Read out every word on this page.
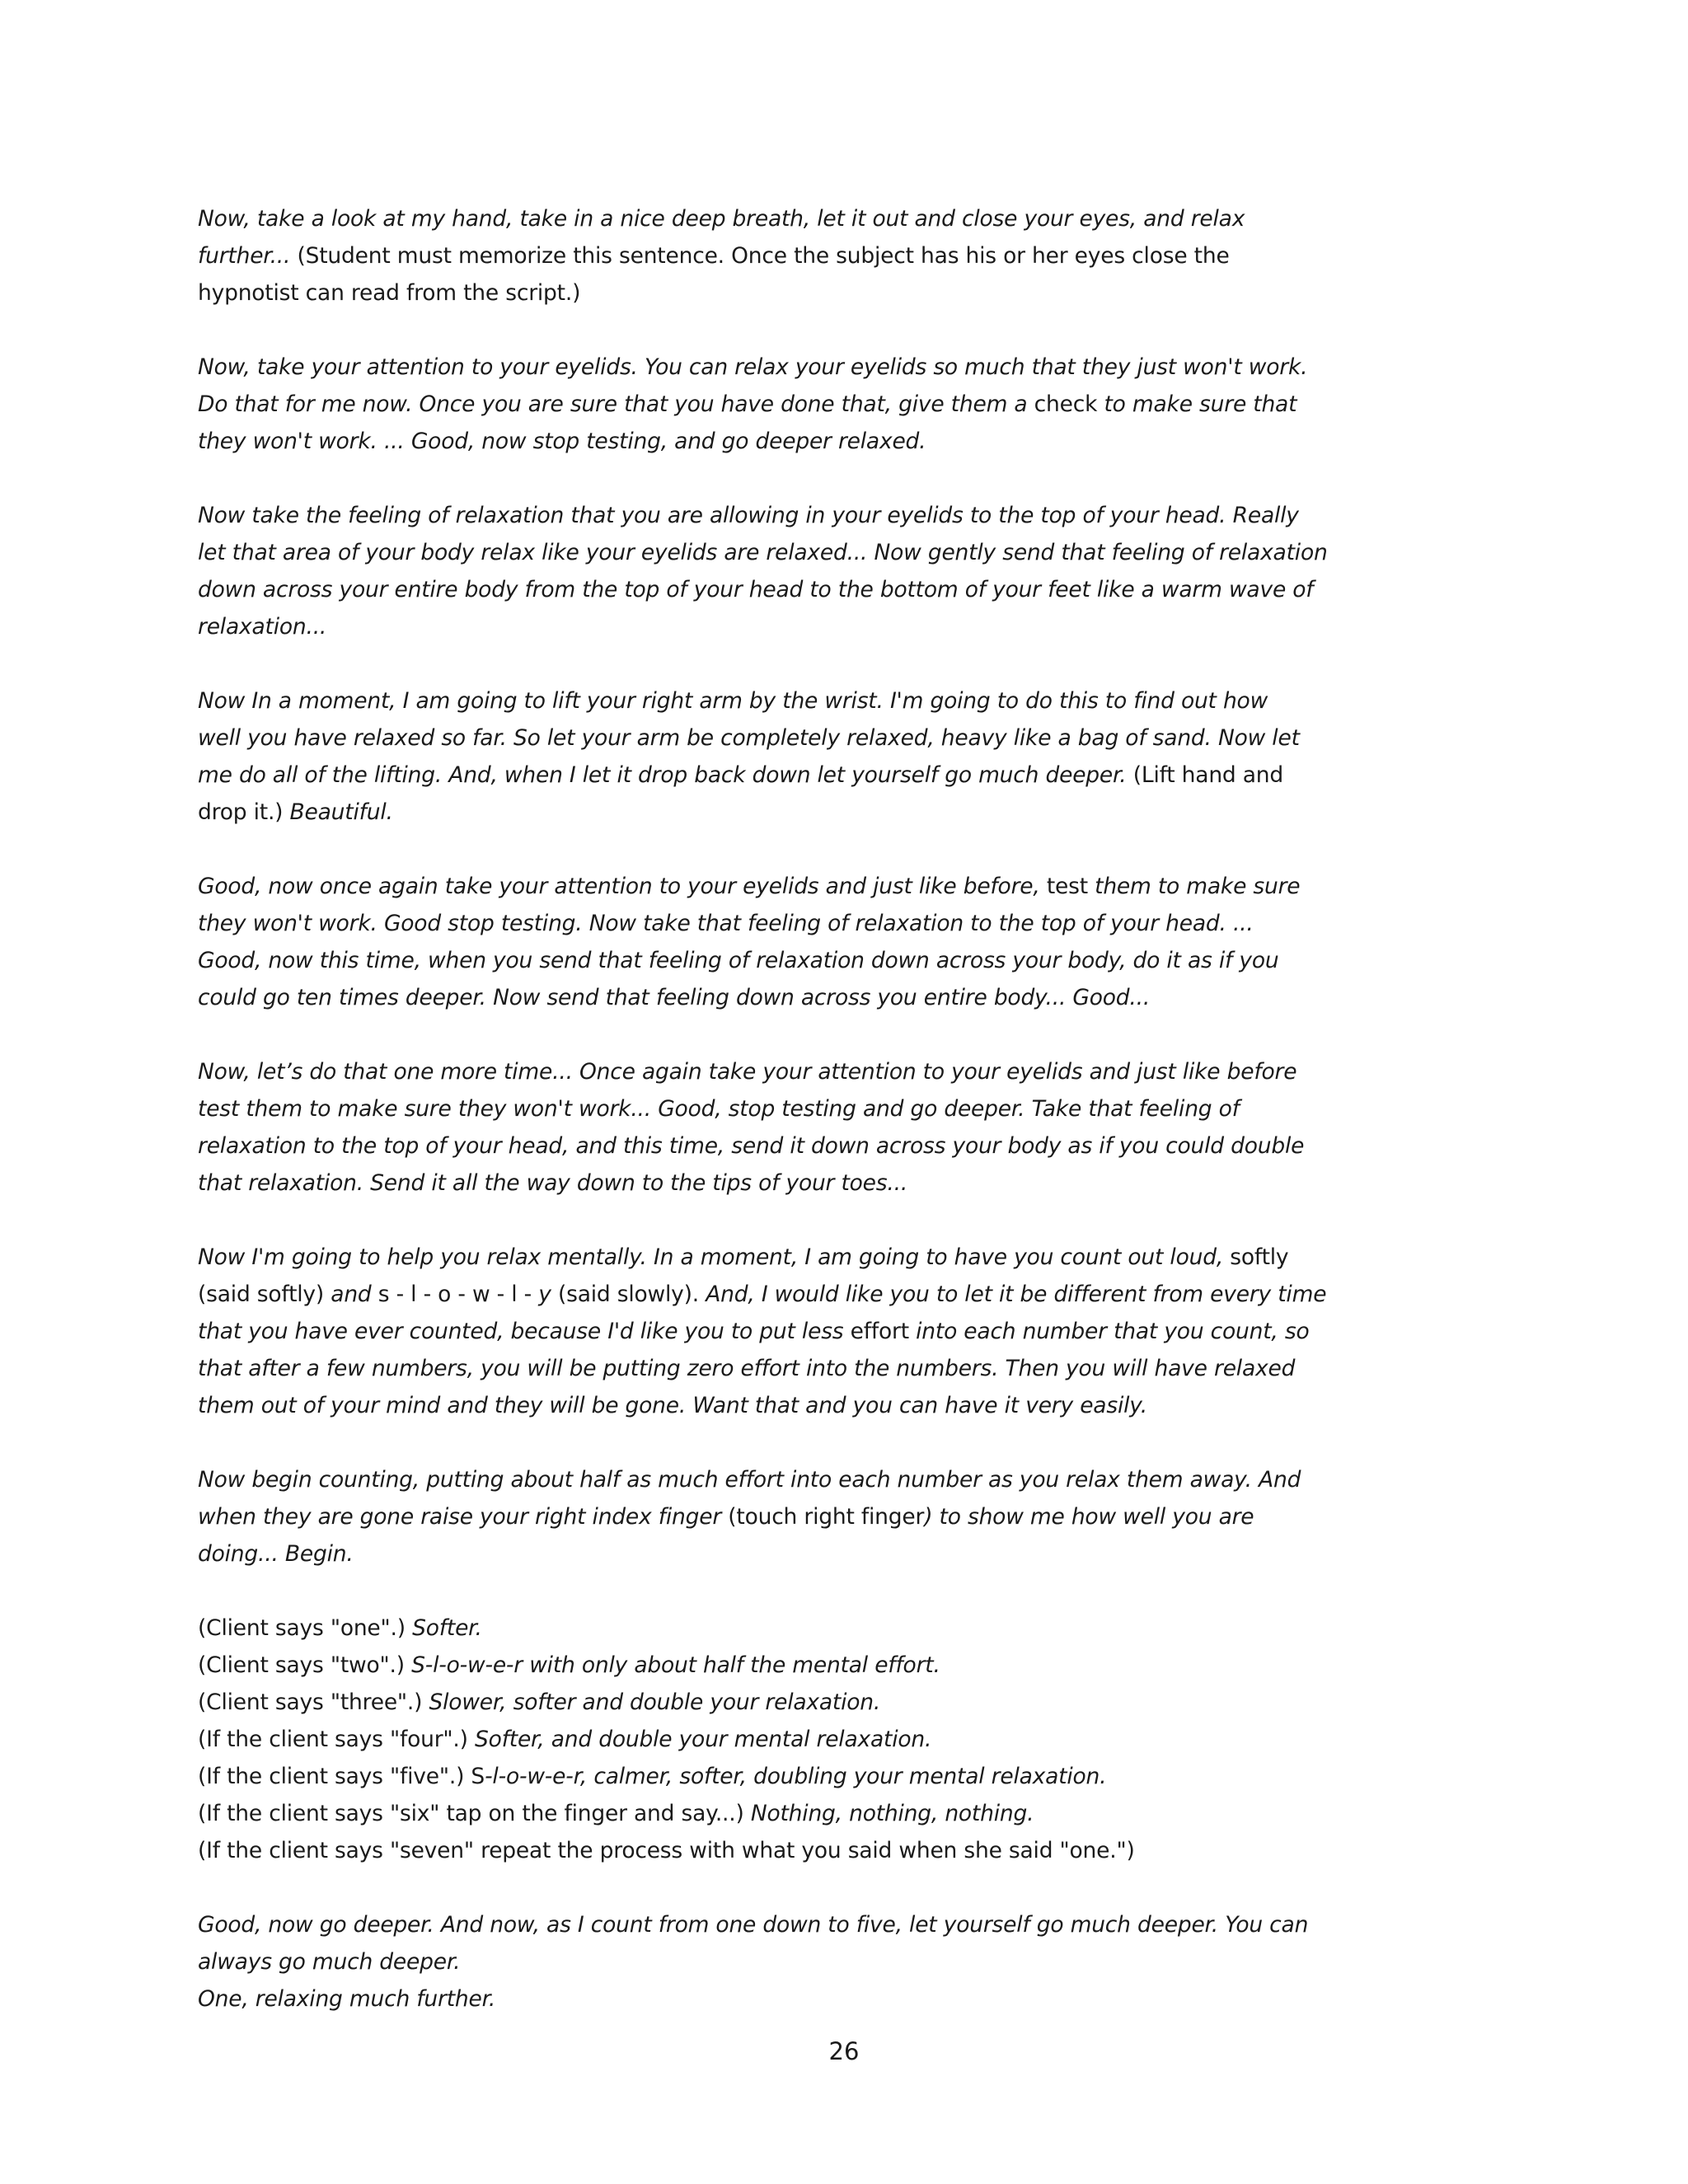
Now, take a look at my hand, take in a nice deep breath, let it out and close your eyes, and relax
further... (Student must memorize this sentence. Once the subject has his or her eyes close the
hypnotist can read from the script.)
Now, take your attention to your eyelids. You can relax your eyelids so much that they just won't work.
Do that for me now. Once you are sure that you have done that, give them a check to make sure that
they won't work. ... Good, now stop testing, and go deeper relaxed.
Now take the feeling of relaxation that you are allowing in your eyelids to the top of your head. Really
let that area of your body relax like your eyelids are relaxed... Now gently send that feeling of relaxation
down across your entire body from the top of your head to the bottom of your feet like a warm wave of
relaxation...
Now In a moment, I am going to lift your right arm by the wrist. I'm going to do this to find out how
well you have relaxed so far. So let your arm be completely relaxed, heavy like a bag of sand. Now let
me do all of the lifting. And, when I let it drop back down let yourself go much deeper. (Lift hand and
drop it.) Beautiful.
Good, now once again take your attention to your eyelids and just like before, test them to make sure
they won't work. Good stop testing. Now take that feeling of relaxation to the top of your head. ...
Good, now this time, when you send that feeling of relaxation down across your body, do it as if you
could go ten times deeper. Now send that feeling down across you entire body... Good...
Now, let’s do that one more time... Once again take your attention to your eyelids and just like before
test them to make sure they won't work... Good, stop testing and go deeper. Take that feeling of
relaxation to the top of your head, and this time, send it down across your body as if you could double
that relaxation. Send it all the way down to the tips of your toes...
Now I'm going to help you relax mentally. In a moment, I am going to have you count out loud, softly
(said softly) and s - l - o - w - l - y (said slowly). And, I would like you to let it be different from every time
that you have ever counted, because I'd like you to put less effort into each number that you count, so
that after a few numbers, you will be putting zero effort into the numbers. Then you will have relaxed
them out of your mind and they will be gone. Want that and you can have it very easily.
Now begin counting, putting about half as much effort into each number as you relax them away. And
when they are gone raise your right index finger (touch right finger) to show me how well you are
doing... Begin.
(Client says "one".) Softer.
(Client says "two".) S-l-o-w-e-r with only about half the mental effort.
(Client says "three".) Slower, softer and double your relaxation.
(If the client says "four".) Softer, and double your mental relaxation.
(If the client says "five".) S-l-o-w-e-r, calmer, softer, doubling your mental relaxation.
(If the client says "six" tap on the finger and say...) Nothing, nothing, nothing.
(If the client says "seven" repeat the process with what you said when she said "one.")
Good, now go deeper. And now, as I count from one down to five, let yourself go much deeper. You can
always go much deeper.
One, relaxing much further.
26
